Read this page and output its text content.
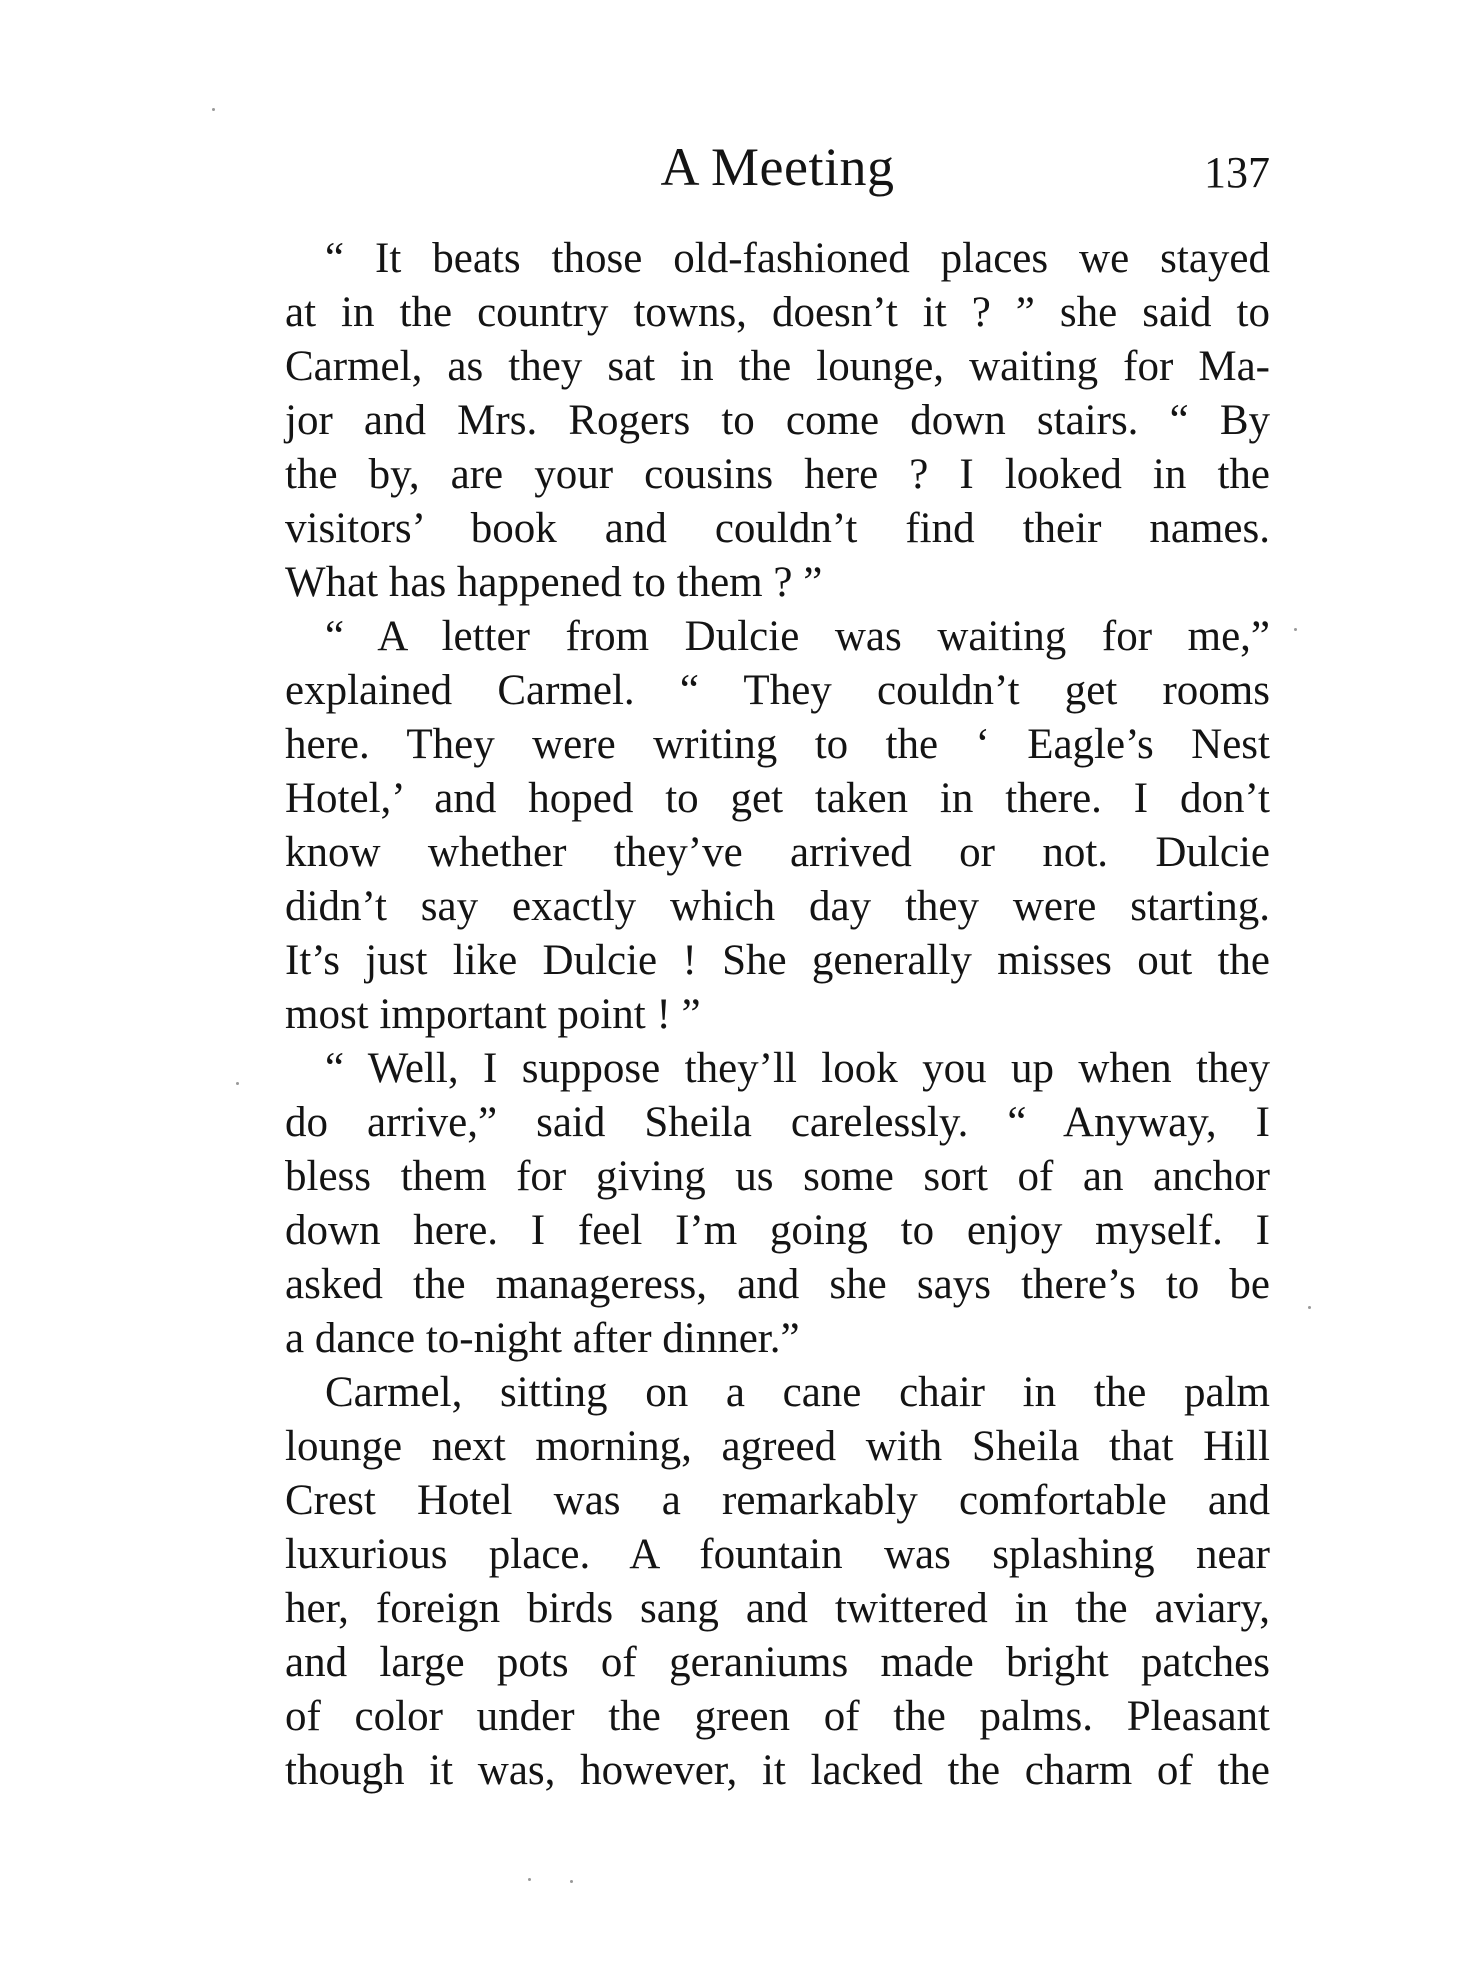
A Meeting	137
“ It beats those old-fashioned places we stayed
at in the country towns, doesn’t it ? ” she said to
Carmel, as they sat in the lounge, waiting for Ma-
jor and Mrs. Rogers to come down stairs. “ By
the by, are your cousins here ? I looked in the
visitors’ book and couldn’t find their names.
What has happened to them ? ”
“ A letter from Dulcie was waiting for me,”
explained Carmel. “ They couldn’t get rooms
here. They were writing to the ‘ Eagle’s Nest
Hotel,’ and hoped to get taken in there. I don’t
know whether they’ve arrived or not. Dulcie
didn’t say exactly which day they were starting.
It’s just like Dulcie ! She generally misses out the
most important point ! ”
“ Well, I suppose they’ll look you up when they
do arrive,” said Sheila carelessly. “ Anyway, I
bless them for giving us some sort of an anchor
down here. I feel I’m going to enjoy myself. I
asked the manageress, and she says there’s to be
a dance to-night after dinner.”
Carmel, sitting on a cane chair in the palm
lounge next morning, agreed with Sheila that Hill
Crest Hotel was a remarkably comfortable and
luxurious place. A fountain was splashing near
her, foreign birds sang and twittered in the aviary,
and large pots of geraniums made bright patches
of color under the green of the palms. Pleasant
though it was, however, it lacked the charm of the
